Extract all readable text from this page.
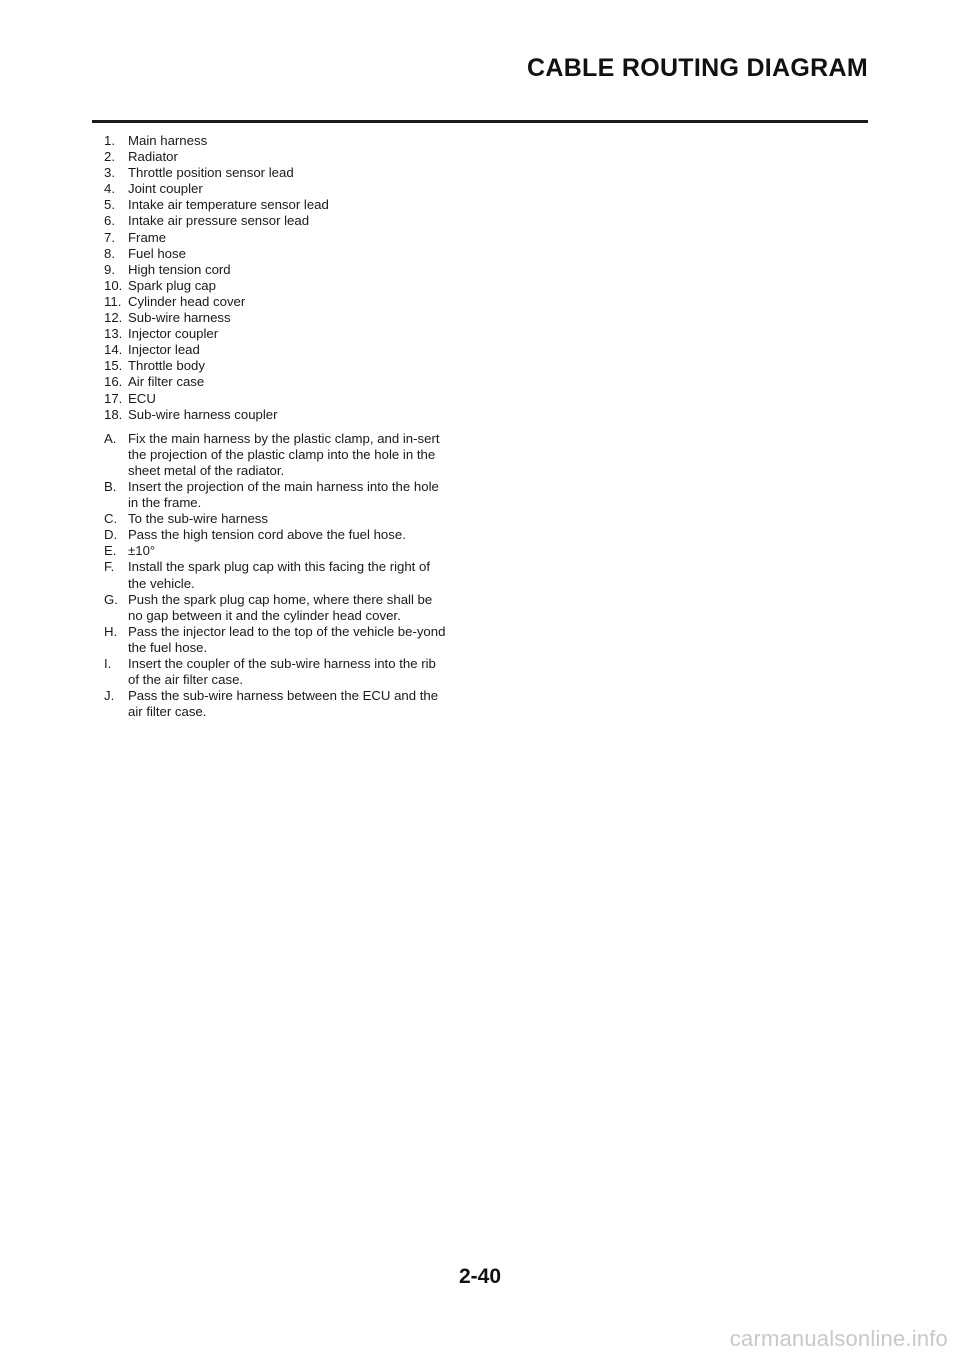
CABLE ROUTING DIAGRAM
1. Main harness
2. Radiator
3. Throttle position sensor lead
4. Joint coupler
5. Intake air temperature sensor lead
6. Intake air pressure sensor lead
7. Frame
8. Fuel hose
9. High tension cord
10. Spark plug cap
11. Cylinder head cover
12. Sub-wire harness
13. Injector coupler
14. Injector lead
15. Throttle body
16. Air filter case
17. ECU
18. Sub-wire harness coupler
A. Fix the main harness by the plastic clamp, and in-sert the projection of the plastic clamp into the hole in the sheet metal of the radiator.
B. Insert the projection of the main harness into the hole in the frame.
C. To the sub-wire harness
D. Pass the high tension cord above the fuel hose.
E. ±10°
F.	Install the spark plug cap with this facing the right of the vehicle.
G. Push the spark plug cap home, where there shall be no gap between it and the cylinder head cover.
H. Pass the injector lead to the top of the vehicle be-yond the fuel hose.
I.	Insert the coupler of the sub-wire harness into the rib of the air filter case.
J.	Pass the sub-wire harness between the ECU and the air filter case.
2-40
carmanualsonline.info
